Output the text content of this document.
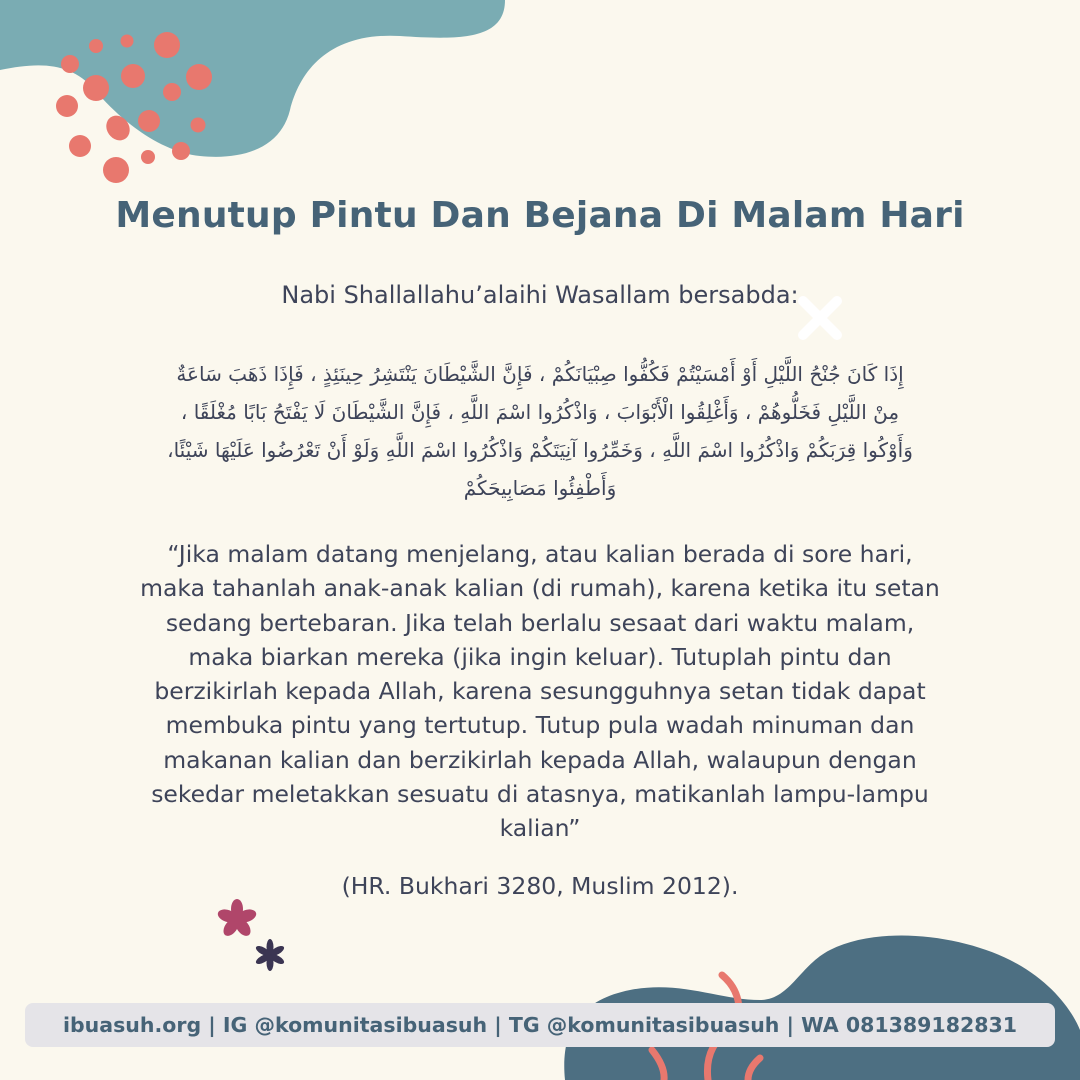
Menutup Pintu Dan Bejana Di Malam Hari
Nabi Shallallahu’alaihi Wasallam bersabda:
إِذَا كَانَ جُنْحُ اللَّيْلِ أَوْ أَمْسَيْتُمْ فَكُفُّوا صِبْيَانَكُمْ ، فَإِنَّ الشَّيْطَانَ يَنْتَشِرُ حِينَئِذٍ ، فَإِذَا ذَهَبَ سَاعَةٌ
مِنْ اللَّيْلِ فَخَلُّوهُمْ ، وَأَغْلِقُوا الْأَبْوَابَ ، وَاذْكُرُوا اسْمَ اللَّهِ ، فَإِنَّ الشَّيْطَانَ لَا يَفْتَحُ بَابًا مُغْلَقًا ،
وَأَوْكُوا قِرَبَكُمْ وَاذْكُرُوا اسْمَ اللَّهِ ، وَخَمِّرُوا آنِيَتَكُمْ وَاذْكُرُوا اسْمَ اللَّهِ وَلَوْ أَنْ تَعْرُضُوا عَلَيْهَا شَيْئًا،
وَأَطْفِئُوا مَصَابِيحَكُمْ
“Jika malam datang menjelang, atau kalian berada di sore hari,
maka tahanlah anak-anak kalian (di rumah), karena ketika itu setan
sedang bertebaran. Jika telah berlalu sesaat dari waktu malam,
maka biarkan mereka (jika ingin keluar). Tutuplah pintu dan
berzikirlah kepada Allah, karena sesungguhnya setan tidak dapat
membuka pintu yang tertutup. Tutup pula wadah minuman dan
makanan kalian dan berzikirlah kepada Allah, walaupun dengan
sekedar meletakkan sesuatu di atasnya, matikanlah lampu-lampu
kalian”
(HR. Bukhari 3280, Muslim 2012).
ibuasuh.org | IG @komunitasibuasuh | TG @komunitasibuasuh | WA 081389182831
